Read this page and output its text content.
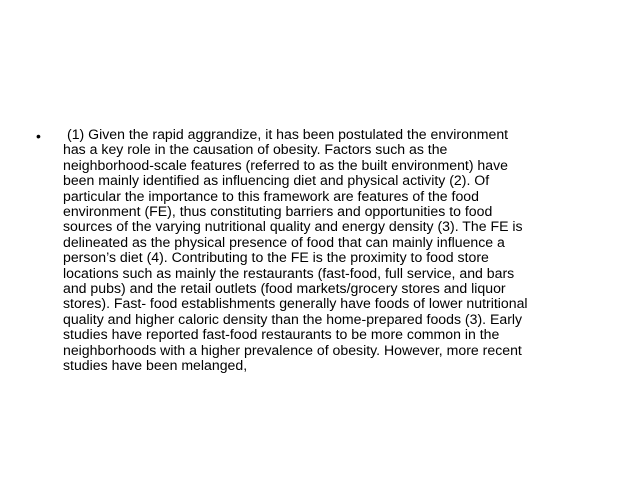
• (1) Given the rapid aggrandize, it has been postulated the environment
has a key role in the causation of obesity. Factors such as the
neighborhood-scale features (referred to as the built environment) have
been mainly identified as influencing diet and physical activity (2). Of
particular the importance to this framework are features of the food
environment (FE), thus constituting barriers and opportunities to food
sources of the varying nutritional quality and energy density (3). The FE is
delineated as the physical presence of food that can mainly influence a
person’s diet (4). Contributing to the FE is the proximity to food store
locations such as mainly the restaurants (fast-food, full service, and bars
and pubs) and the retail outlets (food markets/grocery stores and liquor
stores). Fast- food establishments generally have foods of lower nutritional
quality and higher caloric density than the home-prepared foods (3). Early
studies have reported fast-food restaurants to be more common in the
neighborhoods with a higher prevalence of obesity. However, more recent
studies have been melanged,
